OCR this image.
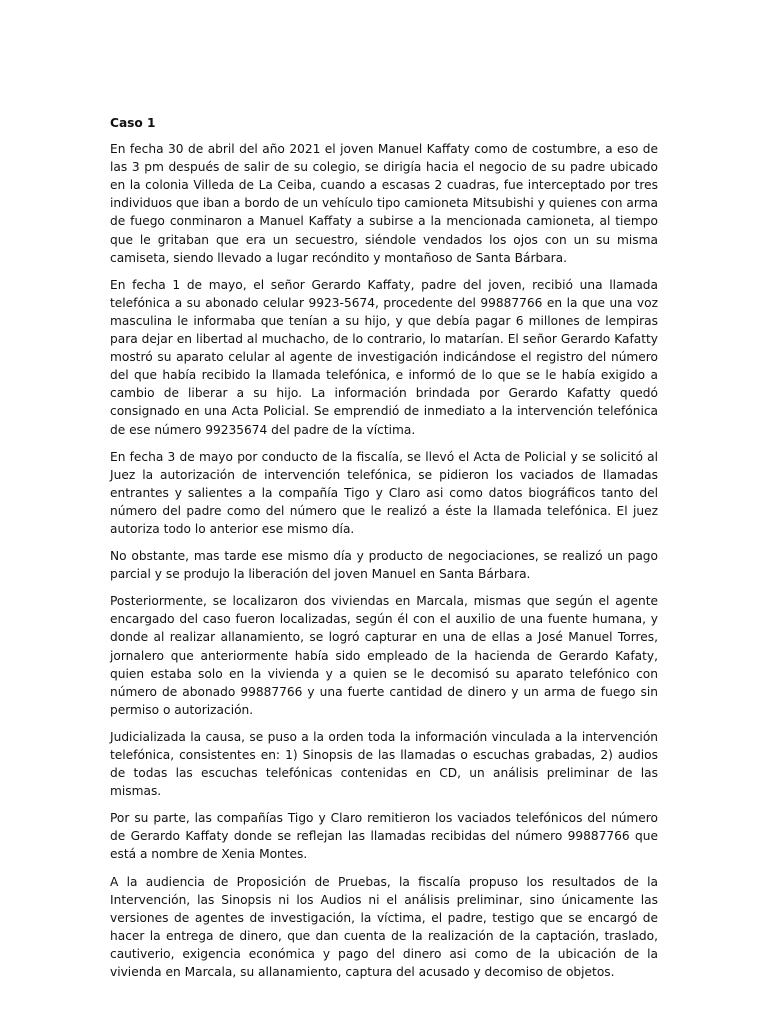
Caso 1

En fecha 30 de abril del año 2021 el joven Manuel Kaffaty como de costumbre, a eso de las 3 pm después de salir de su colegio, se dirigía hacia el negocio de su padre ubicado en la colonia Villeda de La Ceiba, cuando a escasas 2 cuadras, fue interceptado por tres individuos que iban a bordo de un vehículo tipo camioneta Mitsubishi y quienes con arma de fuego conminaron a Manuel Kaffaty a subirse a la mencionada camioneta, al tiempo que le gritaban que era un secuestro, siéndole vendados los ojos con un su misma camiseta, siendo llevado a lugar recóndito y montañoso de Santa Bárbara.

En fecha 1 de mayo, el señor Gerardo Kaffaty, padre del joven, recibió una llamada telefónica a su abonado celular 9923-5674, procedente del 99887766 en la que una voz masculina le informaba que tenían a su hijo, y que debía pagar 6 millones de lempiras para dejar en libertad al muchacho, de lo contrario, lo matarían. El señor Gerardo Kafatty mostró su aparato celular al agente de investigación indicándose el registro del número del que había recibido la llamada telefónica, e informó de lo que se le había exigido a cambio de liberar a su hijo. La información brindada por Gerardo Kafatty quedó consignado en una Acta Policial. Se emprendió de inmediato a la intervención telefónica de ese número 99235674 del padre de la víctima.

En fecha 3 de mayo por conducto de la fiscalía, se llevó el Acta de Policial y se solicitó al Juez la autorización de intervención telefónica, se pidieron los vaciados de llamadas entrantes y salientes a la compañía Tigo y Claro asi como datos biográficos tanto del número del padre como del número que le realizó a éste la llamada telefónica. El juez autoriza todo lo anterior ese mismo día.

No obstante, mas tarde ese mismo día y producto de negociaciones, se realizó un pago parcial y se produjo la liberación del joven Manuel en Santa Bárbara.

Posteriormente, se localizaron dos viviendas en Marcala, mismas que según el agente encargado del caso fueron localizadas, según él con el auxilio de una fuente humana, y donde al realizar allanamiento, se logró capturar en una de ellas a José Manuel Torres, jornalero que anteriormente había sido empleado de la hacienda de Gerardo Kafaty, quien estaba solo en la vivienda y a quien se le decomisó su aparato telefónico con número de abonado 99887766 y una fuerte cantidad de dinero y un arma de fuego sin permiso o autorización.

Judicializada la causa, se puso a la orden toda la información vinculada a la intervención telefónica, consistentes en: 1) Sinopsis de las llamadas o escuchas grabadas, 2) audios de todas las escuchas telefónicas contenidas en CD, un análisis preliminar de las mismas.

Por su parte, las compañías Tigo y Claro remitieron los vaciados telefónicos del número de Gerardo Kaffaty donde se reflejan las llamadas recibidas del número 99887766 que está a nombre de Xenia Montes.

A la audiencia de Proposición de Pruebas, la fiscalía propuso los resultados de la Intervención, las Sinopsis ni los Audios ni el análisis preliminar, sino únicamente las versiones de agentes de investigación, la víctima, el padre, testigo que se encargó de hacer la entrega de dinero, que dan cuenta de la realización de la captación, traslado, cautiverio, exigencia económica y pago del dinero asi como de la ubicación de la vivienda en Marcala, su allanamiento, captura del acusado y decomiso de objetos.
